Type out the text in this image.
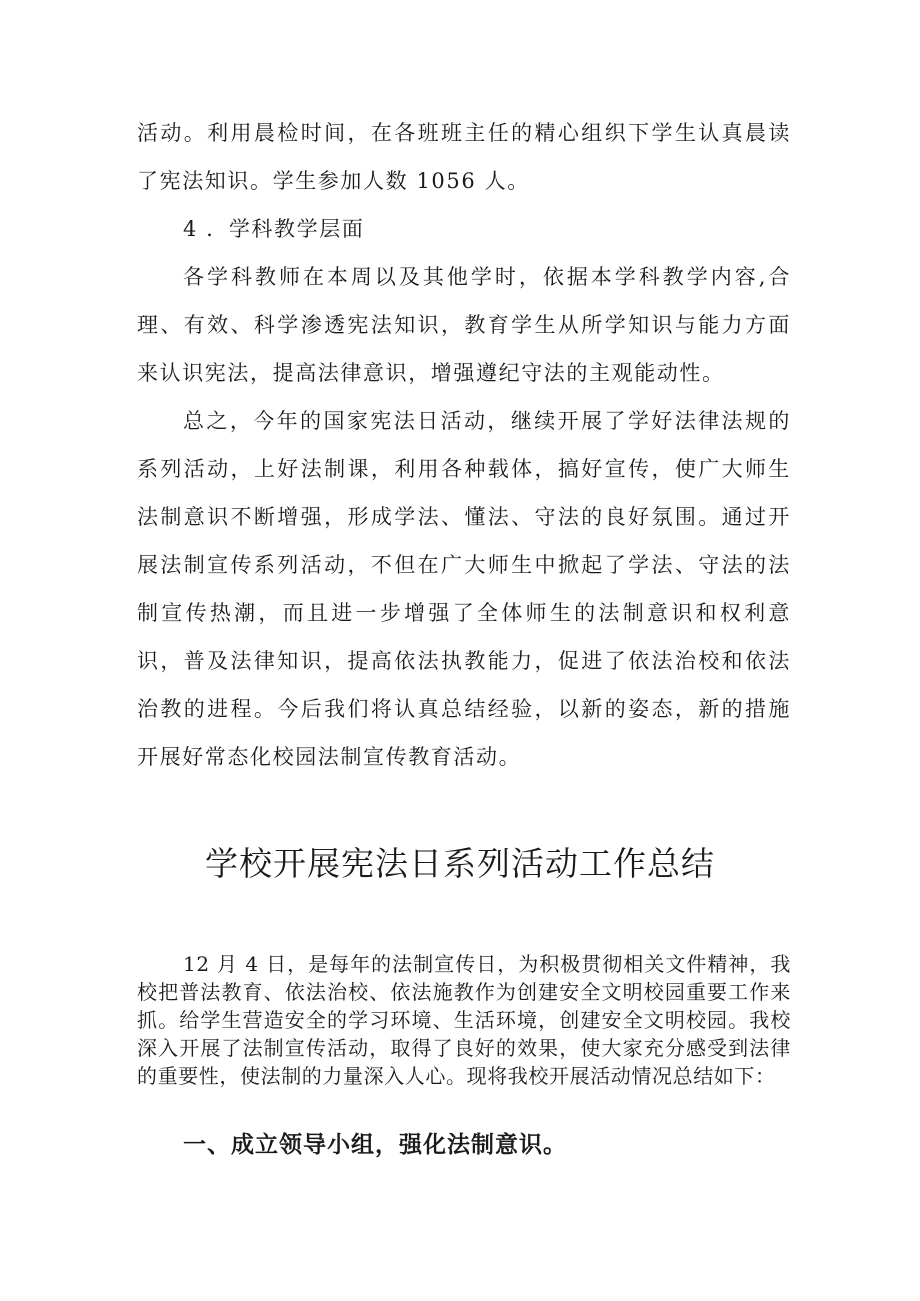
活动。利用晨检时间，在各班班主任的精心组织下学生认真晨读了宪法知识。学生参加人数 1056 人。

4 ．学科教学层面

各学科教师在本周以及其他学时，依据本学科教学内容,合理、有效、科学渗透宪法知识，教育学生从所学知识与能力方面来认识宪法，提高法律意识，增强遵纪守法的主观能动性。

总之，今年的国家宪法日活动，继续开展了学好法律法规的系列活动，上好法制课，利用各种载体，搞好宣传，使广大师生法制意识不断增强，形成学法、懂法、守法的良好氛围。通过开展法制宣传系列活动，不但在广大师生中掀起了学法、守法的法制宣传热潮，而且进一步增强了全体师生的法制意识和权利意识，普及法律知识，提高依法执教能力，促进了依法治校和依法治教的进程。今后我们将认真总结经验，以新的姿态，新的措施开展好常态化校园法制宣传教育活动。

学校开展宪法日系列活动工作总结

12 月 4 日，是每年的法制宣传日，为积极贯彻相关文件精神，我校把普法教育、依法治校、依法施教作为创建安全文明校园重要工作来抓。给学生营造安全的学习环境、生活环境，创建安全文明校园。我校深入开展了法制宣传活动，取得了良好的效果，使大家充分感受到法律的重要性，使法制的力量深入人心。现将我校开展活动情况总结如下：

一、成立领导小组，强化法制意识。
